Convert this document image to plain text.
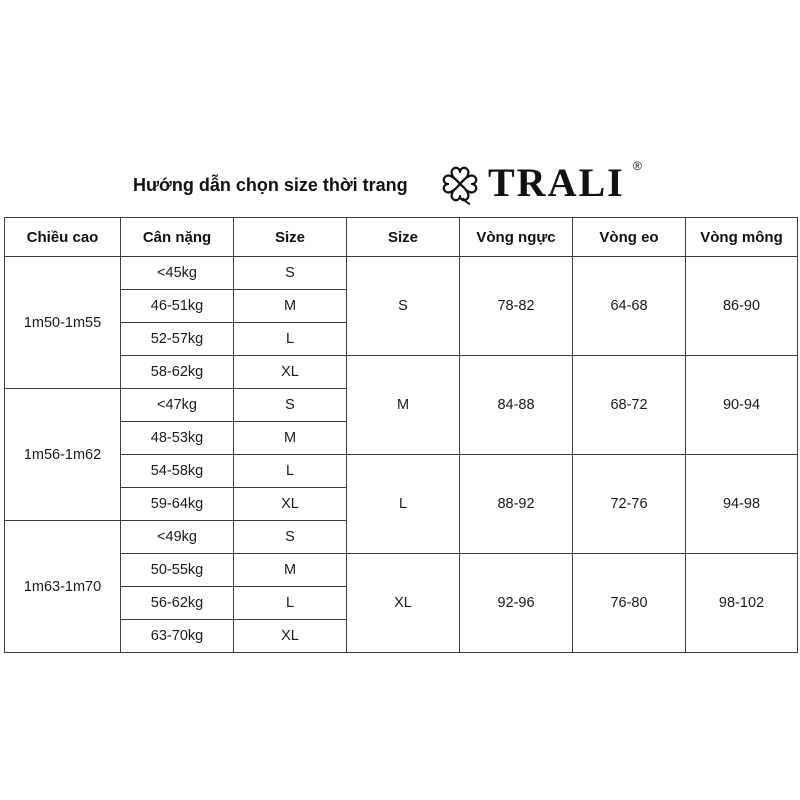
Hướng dẫn chọn size thời trang TRALI ®
Chiều cao	Cân nặng	Size	Size	Vòng ngực	Vòng eo	Vòng mông
1m50-1m55	<45kg	S	S	78-82	64-68	86-90
	46-51kg	M				
	52-57kg	L				
	58-62kg	XL	M	84-88	68-72	90-94
1m56-1m62	<47kg	S				
	48-53kg	M				
	54-58kg	L	L	88-92	72-76	94-98
	59-64kg	XL				
1m63-1m70	<49kg	S				
	50-55kg	M	XL	92-96	76-80	98-102
	56-62kg	L				
	63-70kg	XL				
